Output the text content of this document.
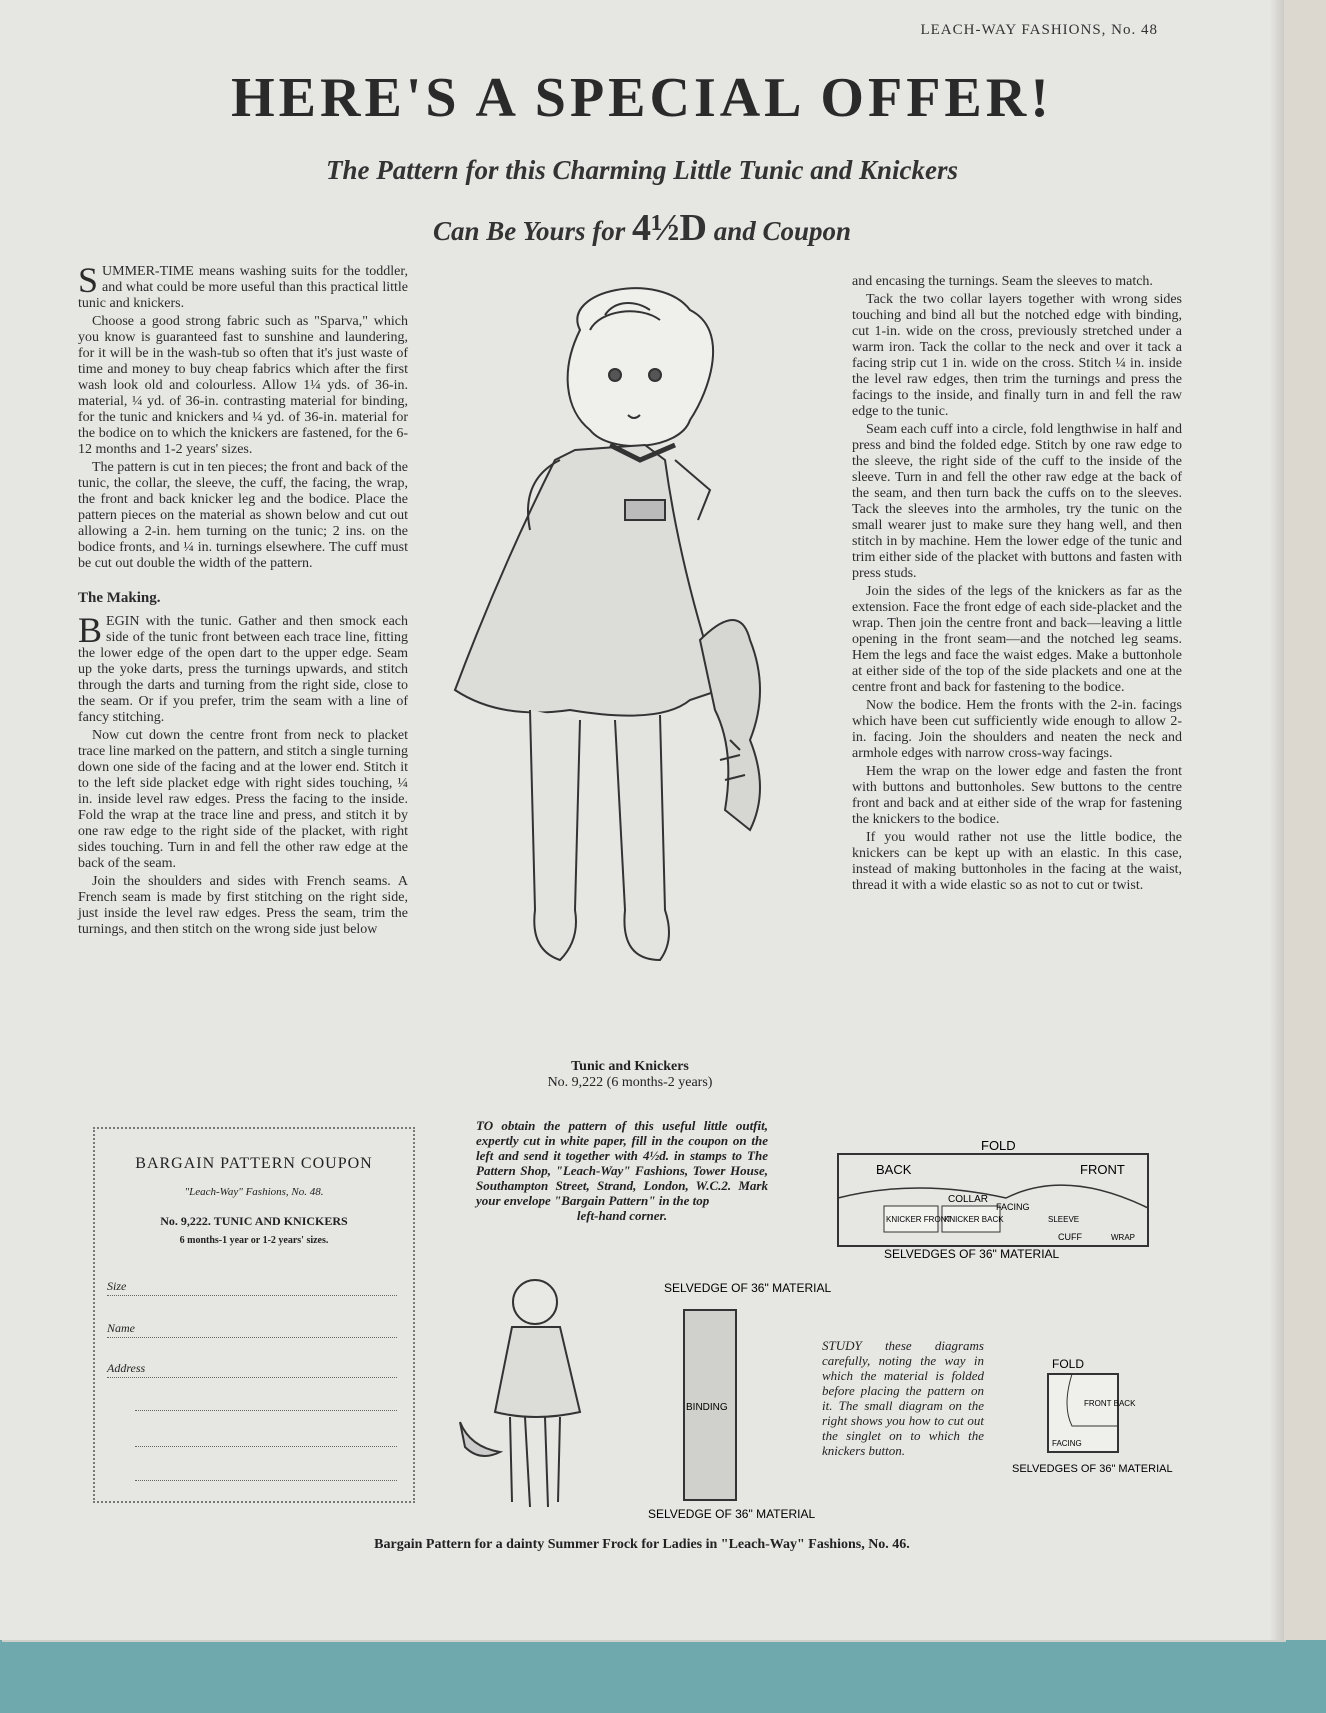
LEACH-WAY FASHIONS, No. 48
HERE'S A SPECIAL OFFER!
The Pattern for this Charming Little Tunic and Knickers
Can Be Yours for 4½D and Coupon

SUMMER-TIME means washing suits for the toddler, and what could be more useful than this practical little tunic and knickers.

Choose a good strong fabric such as "Sparva," which you know is guaranteed fast to sunshine and laundering, for it will be in the wash-tub so often that it's just waste of time and money to buy cheap fabrics which after the first wash look old and colourless. Allow 1¼ yds. of 36-in. material, ¼ yd. of 36-in. contrasting material for binding, for the tunic and knickers and ¼ yd. of 36-in. material for the bodice on to which the knickers are fastened, for the 6-12 months and 1-2 years' sizes.

The pattern is cut in ten pieces; the front and back of the tunic, the collar, the sleeve, the cuff, the facing, the wrap, the front and back knicker leg and the bodice. Place the pattern pieces on the material as shown below and cut out allowing a 2-in. hem turning on the tunic; 2 ins. on the bodice fronts, and ¼ in. turnings elsewhere. The cuff must be cut out double the width of the pattern.

The Making.

BEGIN with the tunic. Gather and then smock each side of the tunic front between each trace line, fitting the lower edge of the open dart to the upper edge. Seam up the yoke darts, press the turnings upwards, and stitch through the darts and turning from the right side, close to the seam. Or if you prefer, trim the seam with a line of fancy stitching.

Now cut down the centre front from neck to placket trace line marked on the pattern, and stitch a single turning down one side of the facing and at the lower end. Stitch it to the left side placket edge with right sides touching, ¼ in. inside level raw edges. Press the facing to the inside. Fold the wrap at the trace line and press, and stitch it by one raw edge to the right side of the placket, with right sides touching. Turn in and fell the other raw edge at the back of the seam.

Join the shoulders and sides with French seams. A French seam is made by first stitching on the right side, just inside the level raw edges. Press the seam, trim the turnings, and then stitch on the wrong side just below

Tunic and Knickers
No. 9,222 (6 months-2 years)

and encasing the turnings. Seam the sleeves to match.

Tack the two collar layers together with wrong sides touching and bind all but the notched edge with binding, cut 1-in. wide on the cross, previously stretched under a warm iron. Tack the collar to the neck and over it tack a facing strip cut 1 in. wide on the cross. Stitch ¼ in. inside the level raw edges, then trim the turnings and press the facings to the inside, and finally turn in and fell the raw edge to the tunic.

Seam each cuff into a circle, fold lengthwise in half and press and bind the folded edge. Stitch by one raw edge to the sleeve, the right side of the cuff to the inside of the sleeve. Turn in and fell the other raw edge at the back of the seam, and then turn back the cuffs on to the sleeves. Tack the sleeves into the armholes, try the tunic on the small wearer just to make sure they hang well, and then stitch in by machine. Hem the lower edge of the tunic and trim either side of the placket with buttons and fasten with press studs.

Join the sides of the legs of the knickers as far as the extension. Face the front edge of each side-placket and the wrap. Then join the centre front and back—leaving a little opening in the front seam—and the notched leg seams. Hem the legs and face the waist edges. Make a buttonhole at either side of the top of the side plackets and one at the centre front and back for fastening to the bodice.

Now the bodice. Hem the fronts with the 2-in. facings which have been cut sufficiently wide enough to allow 2-in. facing. Join the shoulders and neaten the neck and armhole edges with narrow cross-way facings.

Hem the wrap on the lower edge and fasten the front with buttons and buttonholes. Sew buttons to the centre front and back and at either side of the wrap for fastening the knickers to the bodice.

If you would rather not use the little bodice, the knickers can be kept up with an elastic. In this case, instead of making buttonholes in the facing at the waist, thread it with a wide elastic so as not to cut or twist.

BARGAIN PATTERN COUPON
"Leach-Way" Fashions, No. 48.
No. 9,222. TUNIC AND KNICKERS
6 months-1 year or 1-2 years' sizes.
Size
Name
Address
TO obtain the pattern of this useful little outfit, expertly cut in white paper, fill in the coupon on the left and send it together with 4½d. in stamps to The Pattern Shop, "Leach-Way" Fashions, Tower House, Southampton Street, Strand, London, W.C.2. Mark your envelope "Bargain Pattern" in the top
left-hand corner.
FOLD
BACK	FRONT
COLLAR
FACING
KNICKER FRONT
KNICKER BACK	SLEEVE
CUFF	WRAP
SELVEDGES OF 36" MATERIAL
SELVEDGE OF 36" MATERIAL
BINDING
SELVEDGE OF 36" MATERIAL
STUDY these diagrams carefully, noting the way in which the material is folded before placing the pattern on it. The small diagram on the right shows you how to cut out the singlet on to which the knickers button.
FOLD
FRONT BACK
FACING
SELVEDGES OF 36" MATERIAL
Bargain Pattern for a dainty Summer Frock for Ladies in "Leach-Way" Fashions, No. 46.
